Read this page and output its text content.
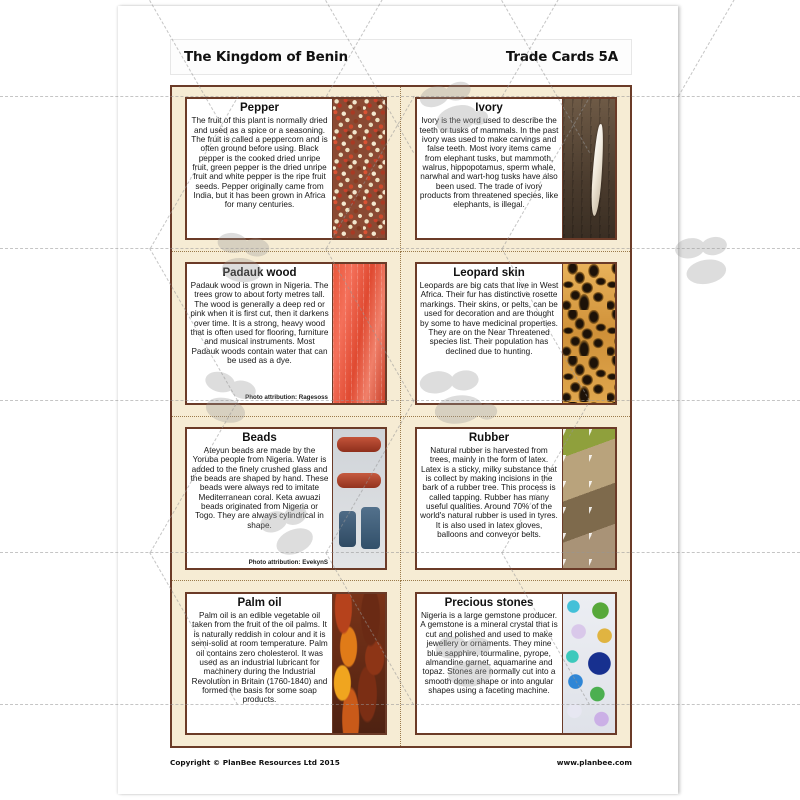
The Kingdom of Benin	Trade Cards 5A
Pepper
The fruit of this plant is normally dried and used as a spice or a seasoning. The fruit is called a peppercorn and is often ground before using. Black pepper is the cooked dried unripe fruit, green pepper is the dried unripe fruit and white pepper is the ripe fruit seeds. Pepper originally came from India, but it has been grown in Africa for many centuries.
Ivory
Ivory is the word used to describe the teeth or tusks of mammals. In the past ivory was used to make carvings and false teeth. Most ivory items came from elephant tusks, but mammoth, walrus, hippopotamus, sperm whale, narwhal and wart-hog tusks have also been used. The trade of ivory products from threatened species, like elephants, is illegal.
Padauk wood
Padauk wood is grown in Nigeria. The trees grow to about forty metres tall. The wood is generally a deep red or pink when it is first cut, then it darkens over time. It is a strong, heavy wood that is often used for flooring, furniture and musical instruments. Most Padauk woods contain water that can be used as a dye.
Photo attribution: Ragesoss
Leopard skin
Leopards are big cats that live in West Africa. Their fur has distinctive rosette markings. Their skins, or pelts, can be used for decoration and are thought by some to have medicinal properties. They are on the Near Threatened species list. Their population has declined due to hunting.
Beads
Ateyun beads are made by the Yoruba people from Nigeria. Water is added to the finely crushed glass and the beads are shaped by hand. These beads were always red to imitate Mediterranean coral. Keta awuazi beads originated from Nigeria or Togo. They are always cylindrical in shape.
Photo attribution: EvekynS
Rubber
Natural rubber is harvested from trees, mainly in the form of latex. Latex is a sticky, milky substance that is collect by making incisions in the bark of a rubber tree. This process is called tapping. Rubber has many useful qualities. Around 70% of the world's natural rubber is used in tyres. It is also used in latex gloves, balloons and conveyor belts.
Palm oil
Palm oil is an edible vegetable oil taken from the fruit of the oil palms. It is naturally reddish in colour and it is semi-solid at room temperature. Palm oil contains zero cholesterol. It was used as an industrial lubricant for machinery during the Industrial Revolution in Britain (1760-1840) and formed the basis for some soap products.
Precious stones
Nigeria is a large gemstone producer. A gemstone is a mineral crystal that is cut and polished and used to make jewellery or ornaments. They mine blue sapphire, tourmaline, pyrope, almandine garnet, aquamarine and topaz. Stones are normally cut into a smooth dome shape or into angular shapes using a faceting machine.
Copyright © PlanBee Resources Ltd 2015	www.planbee.com
